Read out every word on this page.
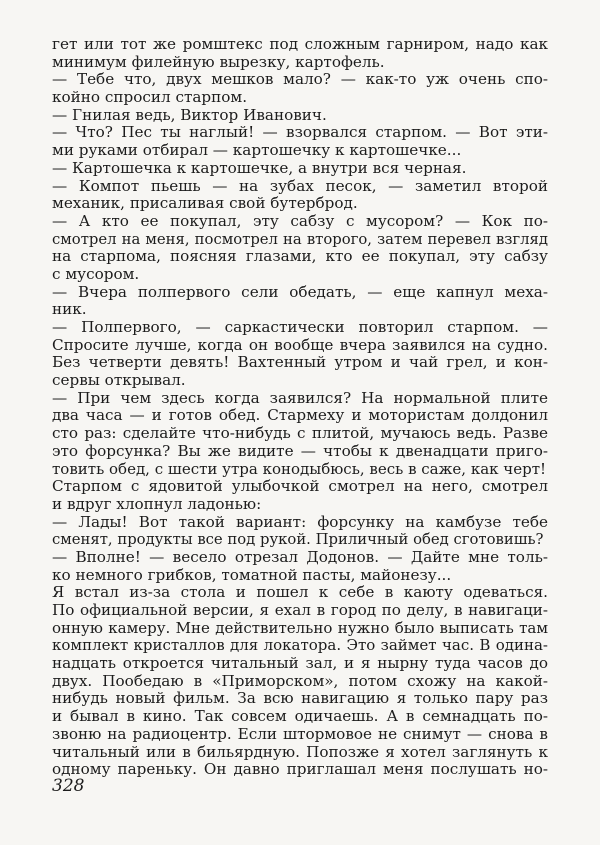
гет или тот же ромштекс под сложным гарниром, надо как
минимум филейную вырезку, картофель.
— Тебе что, двух мешков мало? — как-то уж очень спо-
койно спросил старпом.
— Гнилая ведь, Виктор Иванович.
— Что? Пес ты наглый! — взорвался старпом. — Вот эти-
ми руками отбирал — картошечку к картошечке...
— Картошечка к картошечке, а внутри вся черная.
— Компот пьешь — на зубах песок, — заметил второй
механик, присаливая свой бутерброд.
— А кто ее покупал, эту сабзу с мусором? — Кок по-
смотрел на меня, посмотрел на второго, затем перевел взгляд
на старпома, поясняя глазами, кто ее покупал, эту сабзу
с мусором.
— Вчера полпервого сели обедать, — еще капнул меха-
ник.
— Полпервого, — саркастически повторил старпом. —
Спросите лучше, когда он вообще вчера заявился на судно.
Без четверти девять! Вахтенный утром и чай грел, и кон-
сервы открывал.
— При чем здесь когда заявился? На нормальной плите
два часа — и готов обед. Стармеху и мотористам долдонил
сто раз: сделайте что-нибудь с плитой, мучаюсь ведь. Разве
это форсунка? Вы же видите — чтобы к двенадцати приго-
товить обед, с шести утра конодыбюсь, весь в саже, как черт!
Старпом с ядовитой улыбочкой смотрел на него, смотрел
и вдруг хлопнул ладонью:
— Лады! Вот такой вариант: форсунку на камбузе тебе
сменят, продукты все под рукой. Приличный обед сготовишь?
— Вполне! — весело отрезал Додонов. — Дайте мне толь-
ко немного грибков, томатной пасты, майонезу...
Я встал из-за стола и пошел к себе в каюту одеваться.
По официальной версии, я ехал в город по делу, в навигаци-
онную камеру. Мне действительно нужно было выписать там
комплект кристаллов для локатора. Это займет час. В одина-
надцать откроется читальный зал, и я нырну туда часов до
двух. Пообедаю в «Приморском», потом схожу на какой-
нибудь новый фильм. За всю навигацию я только пару раз
и бывал в кино. Так совсем одичаешь. А в семнадцать по-
звоню на радиоцентр. Если штормовое не снимут — снова в
читальный или в бильярдную. Попозже я хотел заглянуть к
одному пареньку. Он давно приглашал меня послушать но-
328
